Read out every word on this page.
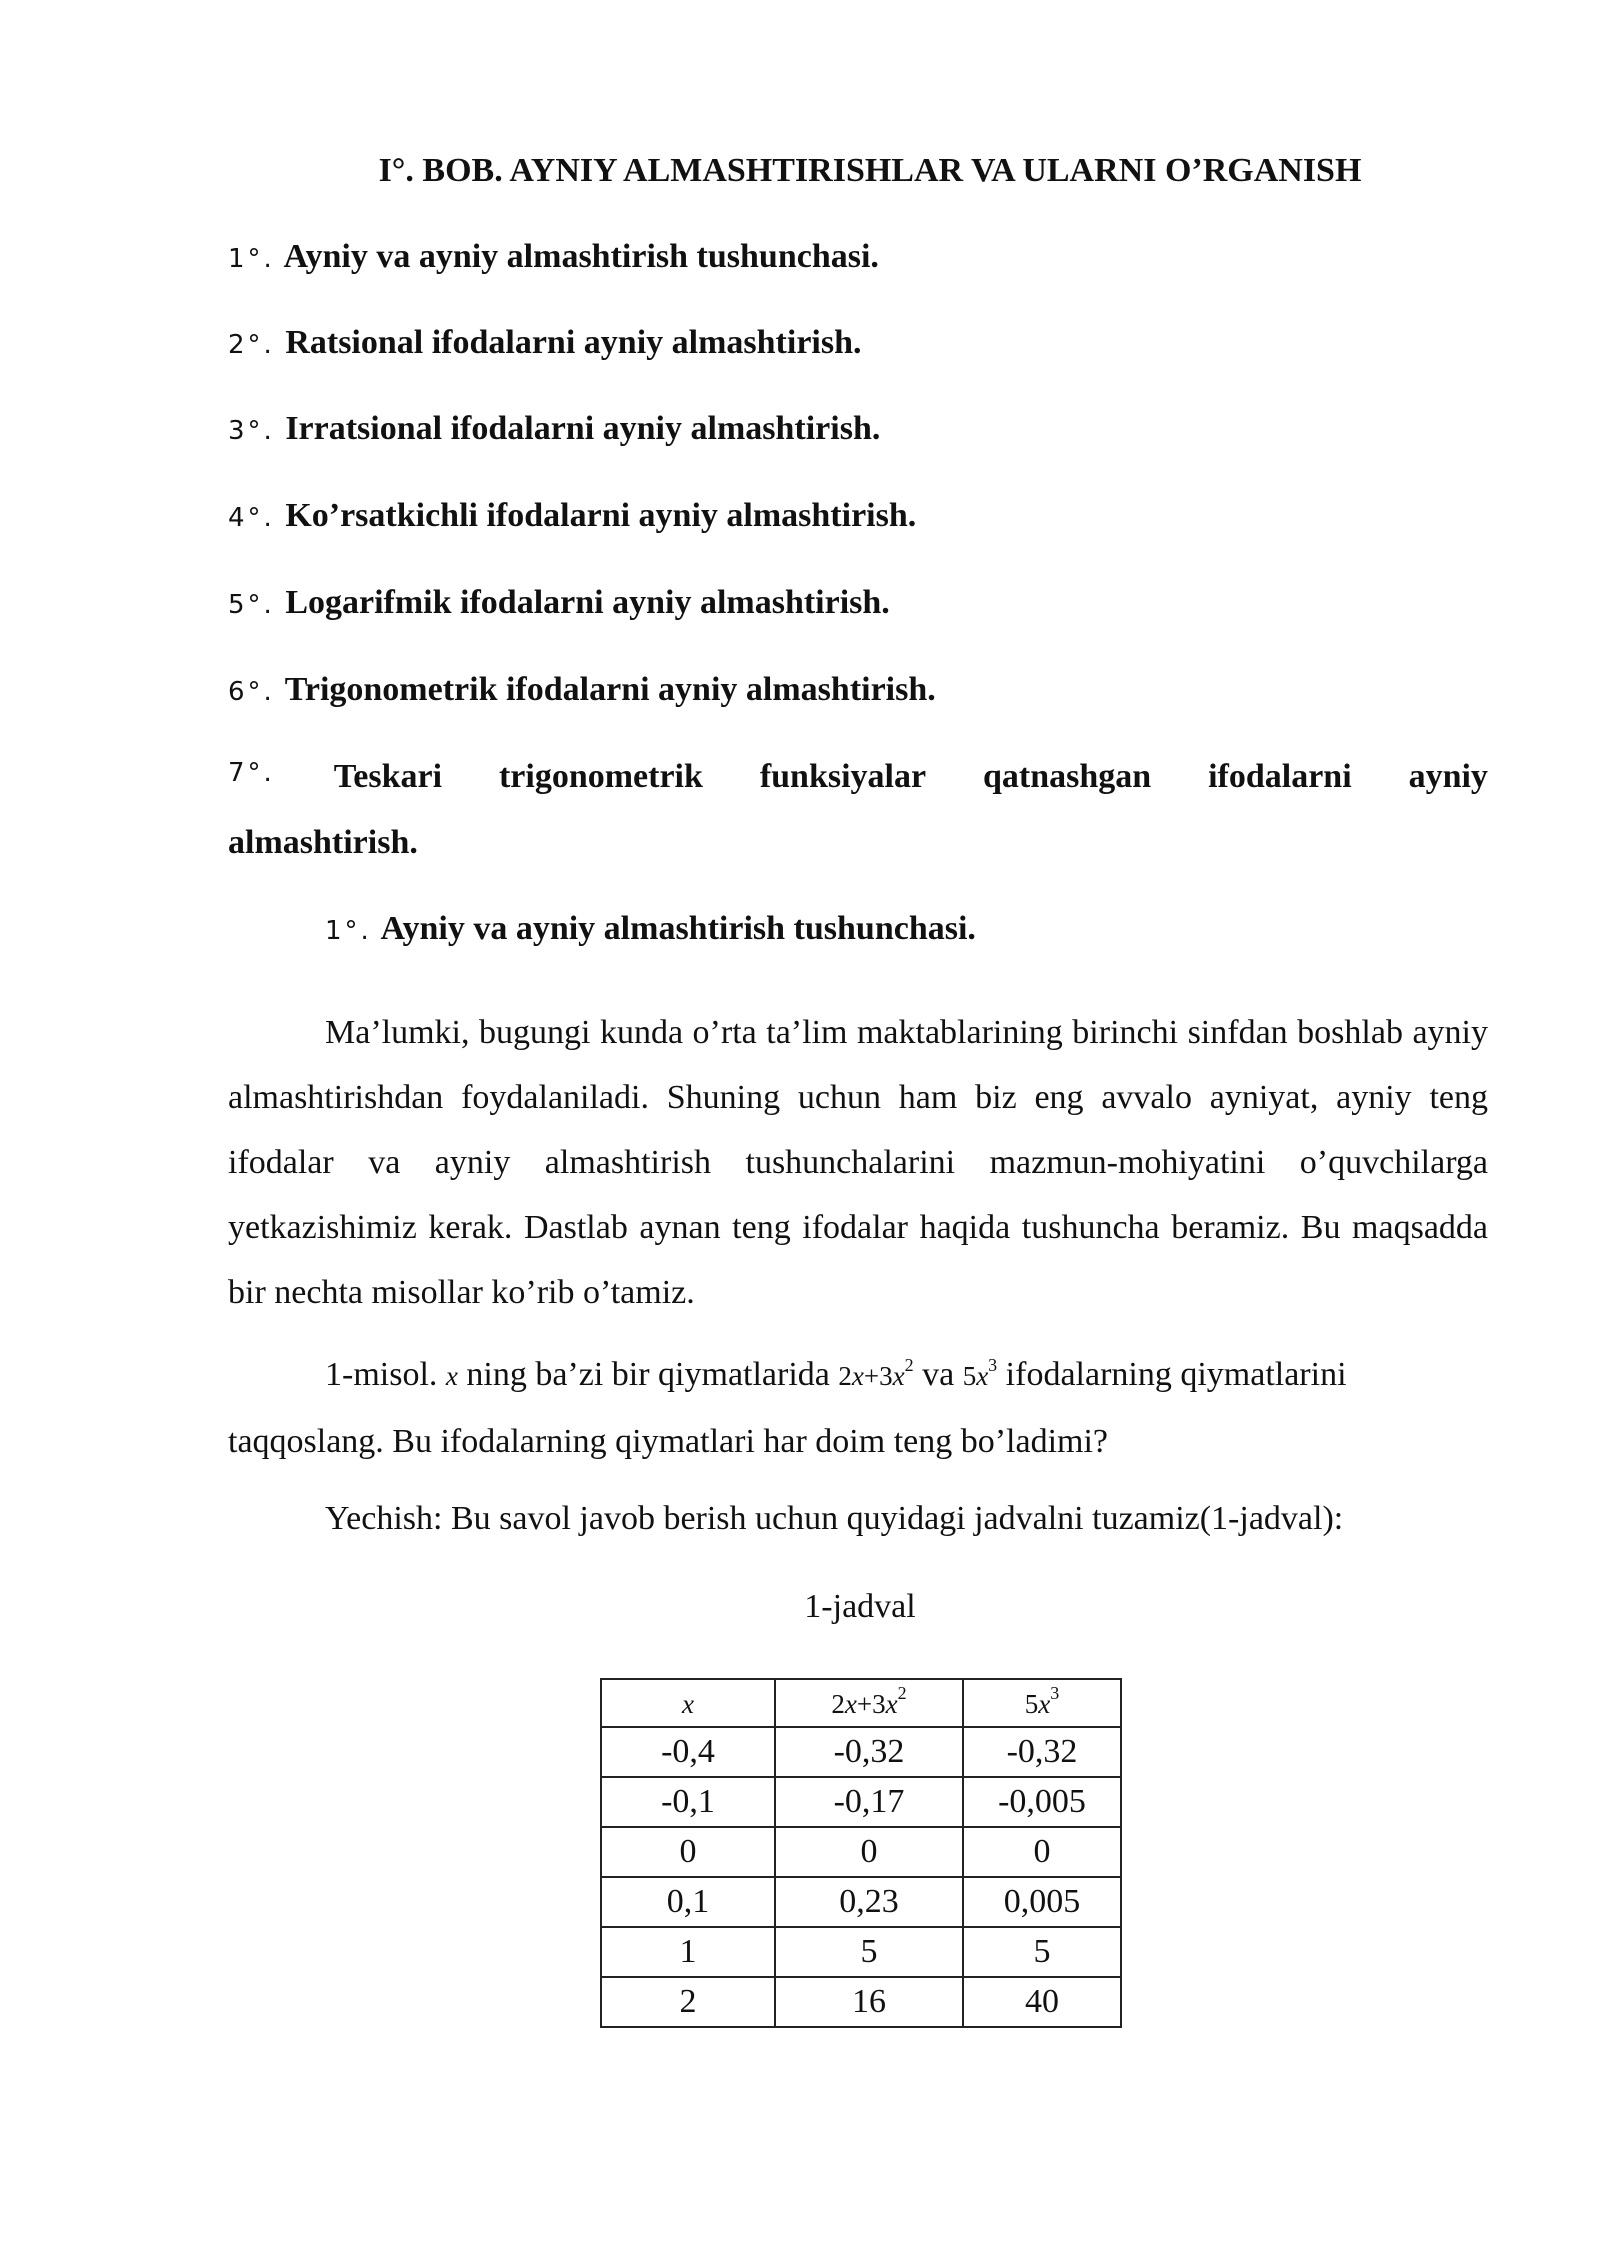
I°. BOB. AYNIY ALMASHTIRISHLAR VA ULARNI O’RGANISH
1°. Ayniy va ayniy almashtirish tushunchasi.
2°. Ratsional ifodalarni ayniy almashtirish.
3°. Irratsional ifodalarni ayniy almashtirish.
4°. Ko’rsatkichli ifodalarni ayniy almashtirish.
5°. Logarifmik ifodalarni ayniy almashtirish.
6°. Trigonometrik ifodalarni ayniy almashtirish.
7°. Teskari trigonometrik funksiyalar qatnashgan ifodalarni ayniy
almashtirish.
1°. Ayniy va ayniy almashtirish tushunchasi.

Ma’lumki, bugungi kunda o’rta ta’lim maktablarining birinchi sinfdan boshlab ayniy almashtirishdan foydalaniladi. Shuning uchun ham biz eng avvalo ayniyat, ayniy teng ifodalar va ayniy almashtirish tushunchalarini mazmun-mohiyatini o’quvchilarga yetkazishimiz kerak. Dastlab aynan teng ifodalar haqida tushuncha beramiz. Bu maqsadda bir nechta misollar ko’rib o’tamiz.

1-misol. x ning ba’zi bir qiymatlarida $2x+3x^2$ va $5x^3$ ifodalarning qiymatlarini

taqqoslang. Bu ifodalarning qiymatlari har doim teng bo’ladimi?

Yechish: Bu savol javob berish uchun quyidagi jadvalni tuzamiz(1-jadval):
1-jadval
x	$2x+3x^2$	$5x^3$
-0,4	-0,32	-0,32
-0,1	-0,17	-0,005
0	0	0
0,1	0,23	0,005
1	5	5
2	16	40
